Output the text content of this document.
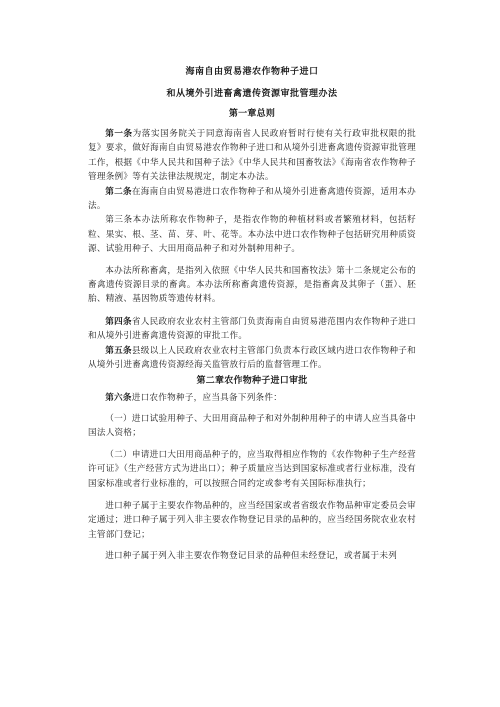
海南自由贸易港农作物种子进口
和从境外引进畜禽遗传资源审批管理办法
第一章总则

第一条为落实国务院关于同意海南省人民政府暂时行使有关行政审批权限的批复》要求，做好海南自由贸易港农作物种子进口和从境外引进畜禽遗传资源审批管理工作，根据《中华人民共和国种子法》《中华人民共和国畜牧法》《海南省农作物种子管理条例》等有关法律法规规定，制定本办法。

第二条在海南自由贸易港进口农作物种子和从境外引进畜禽遗传资源，适用本办法。

第三条本办法所称农作物种子，是指农作物的种植材料或者繁殖材料，包括籽粒、果实、根、茎、苗、芽、叶、花等。本办法中进口农作物种子包括研究用种质资源、试验用种子、大田用商品种子和对外制种用种子。

本办法所称畜禽，是指列入依照《中华人民共和国畜牧法》第十二条规定公布的畜禽遗传资源目录的畜禽。本办法所称畜禽遗传资源，是指畜禽及其卵子（蛋）、胚胎、精液、基因物质等遗传材料。

第四条省人民政府农业农村主管部门负责海南自由贸易港范围内农作物种子进口和从境外引进畜禽遗传资源的审批工作。

第五条县级以上人民政府农业农村主管部门负责本行政区域内进口农作物种子和从境外引进畜禽遗传资源经海关监管放行后的监督管理工作。

第二章农作物种子进口审批

第六条进口农作物种子，应当具备下列条件：

（一）进口试验用种子、大田用商品种子和对外制种用种子的申请人应当具备中国法人资格；

（二）申请进口大田用商品种子的，应当取得相应作物的《农作物种子生产经营许可证》（生产经营方式为进出口）；种子质量应当达到国家标准或者行业标准，没有国家标准或者行业标准的，可以按照合同约定或参考有关国际标准执行；

进口种子属于主要农作物品种的，应当经国家或者省级农作物品种审定委员会审定通过；进口种子属于列入非主要农作物登记目录的品种的，应当经国务院农业农村主管部门登记；

进口种子属于列入非主要农作物登记目录的品种但未经登记，或者属于未列
